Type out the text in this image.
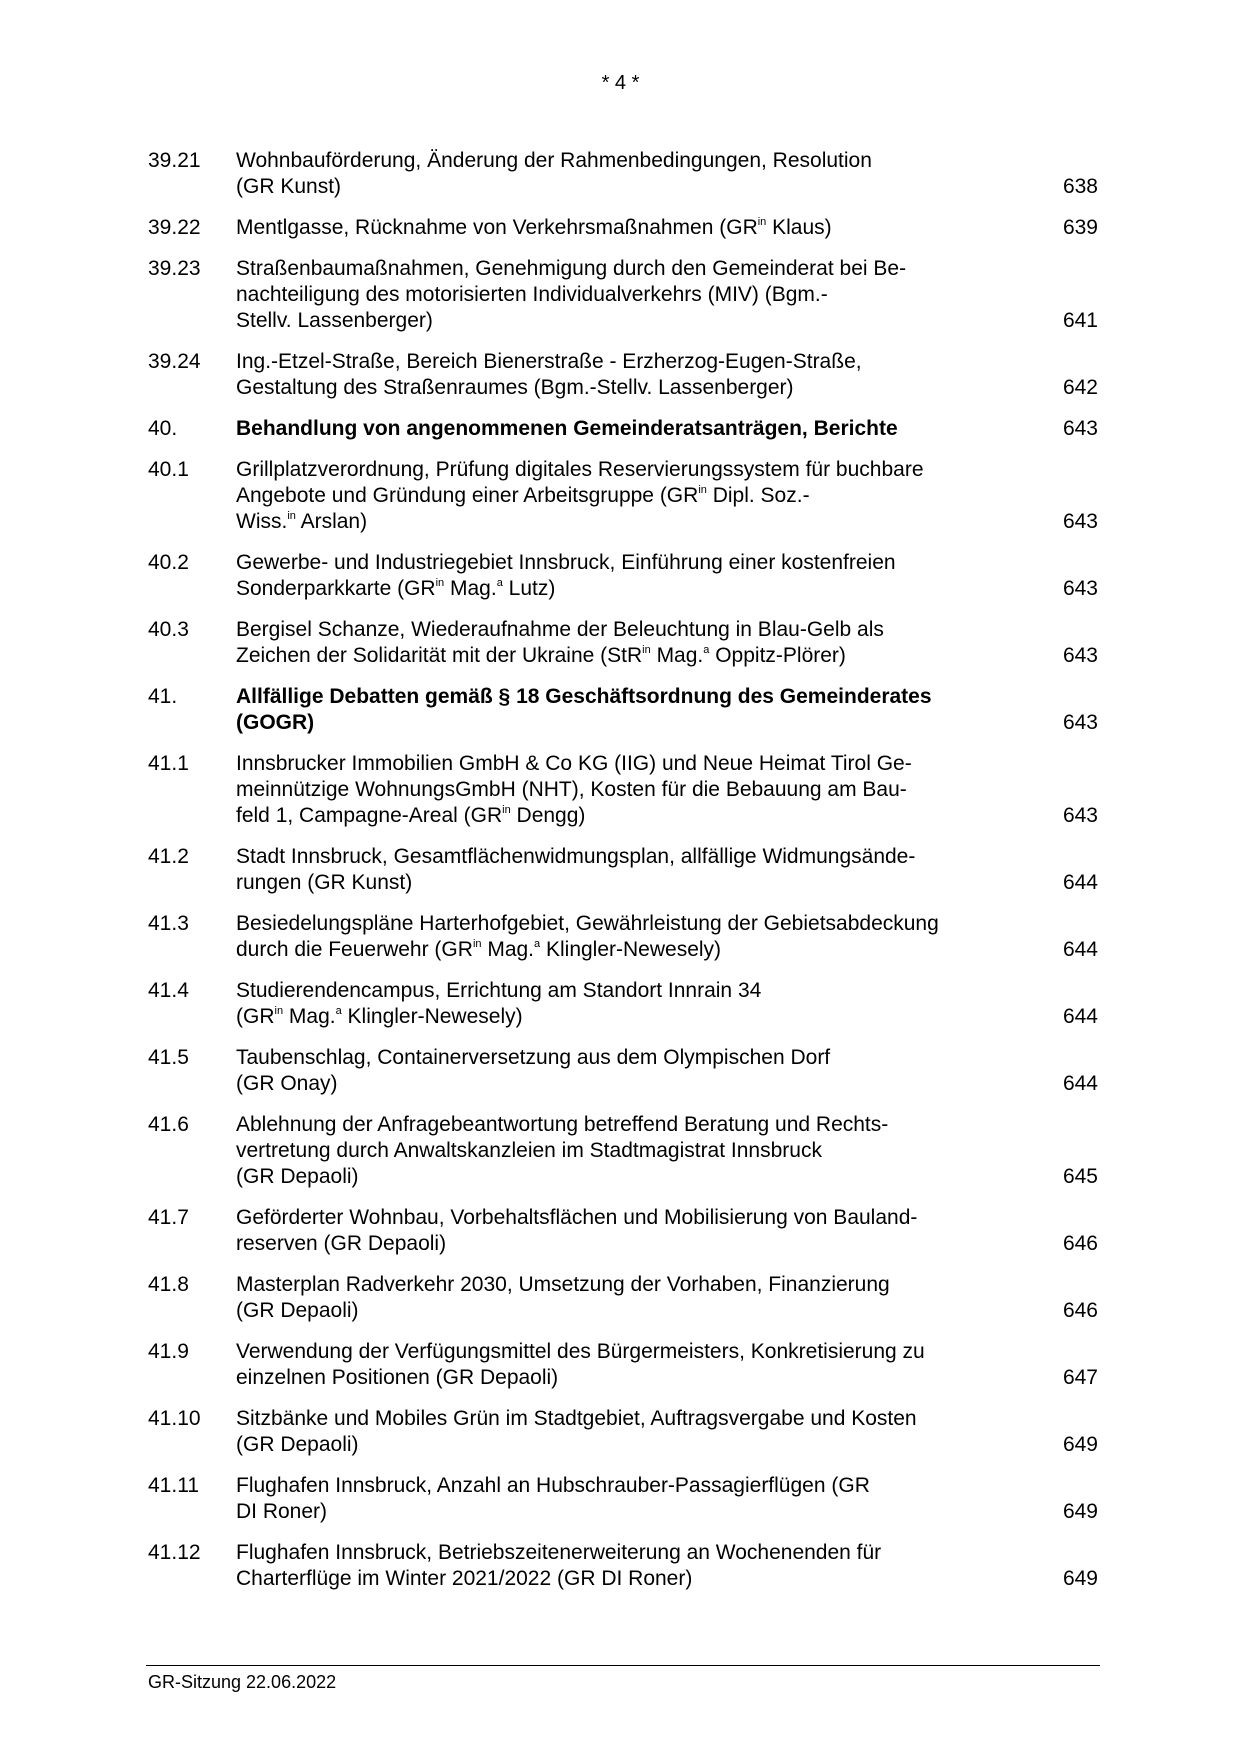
* 4 *
39.21	Wohnbauförderung, Änderung der Rahmenbedingungen, Resolution
(GR Kunst)	638
39.22	Mentlgasse, Rücknahme von Verkehrsmaßnahmen ($GR^{in}$ Klaus)	639
39.23	Straßenbaumaßnahmen, Genehmigung durch den Gemeinderat bei Be-
nachteiligung des motorisierten Individualverkehrs (MIV) (Bgm.-
Stellv. Lassenberger)	641
39.24	Ing.-Etzel-Straße, Bereich Bienerstraße - Erzherzog-Eugen-Straße,
Gestaltung des Straßenraumes (Bgm.-Stellv. Lassenberger)	642
40.	Behandlung von angenommenen Gemeinderatsanträgen, Berichte	643
40.1	Grillplatzverordnung, Prüfung digitales Reservierungssystem für buchbare
Angebote und Gründung einer Arbeitsgruppe ($GR^{in}$ Dipl. Soz.-
Wiss.$^{in}$ Arslan)	643
40.2	Gewerbe- und Industriegebiet Innsbruck, Einführung einer kostenfreien
Sonderparkkarte ($GR^{in}$ Mag.$^a$ Lutz)	643
40.3	Bergisel Schanze, Wiederaufnahme der Beleuchtung in Blau-Gelb als
Zeichen der Solidarität mit der Ukraine (StR$^{in}$ Mag.$^a$ Oppitz-Plörer)	643
41.	Allfällige Debatten gemäß § 18 Geschäftsordnung des Gemeinderates
(GOGR)	643
41.1	Innsbrucker Immobilien GmbH & Co KG (IIG) und Neue Heimat Tirol Ge-
meinnützige WohnungsGmbH (NHT), Kosten für die Bebauung am Bau-
feld 1, Campagne-Areal ($GR^{in}$ Dengg)	643
41.2	Stadt Innsbruck, Gesamtflächenwidmungsplan, allfällige Widmungsände-
rungen (GR Kunst)	644
41.3	Besiedelungspläne Harterhofgebiet, Gewährleistung der Gebietsabdeckung
durch die Feuerwehr ($GR^{in}$ Mag.$^a$ Klingler-Newesely)	644
41.4	Studierendencampus, Errichtung am Standort Innrain 34
($GR^{in}$ Mag.$^a$ Klingler-Newesely)	644
41.5	Taubenschlag, Containerversetzung aus dem Olympischen Dorf
(GR Onay)	644
41.6	Ablehnung der Anfragebeantwortung betreffend Beratung und Rechts-
vertretung durch Anwaltskanzleien im Stadtmagistrat Innsbruck
(GR Depaoli)	645
41.7	Geförderter Wohnbau, Vorbehaltsflächen und Mobilisierung von Bauland-
reserven (GR Depaoli)	646
41.8	Masterplan Radverkehr 2030, Umsetzung der Vorhaben, Finanzierung
(GR Depaoli)	646
41.9	Verwendung der Verfügungsmittel des Bürgermeisters, Konkretisierung zu
einzelnen Positionen (GR Depaoli)	647
41.10	Sitzbänke und Mobiles Grün im Stadtgebiet, Auftragsvergabe und Kosten
(GR Depaoli)	649
41.11	Flughafen Innsbruck, Anzahl an Hubschrauber-Passagierflügen (GR
DI Roner)	649
41.12	Flughafen Innsbruck, Betriebszeitenerweiterung an Wochenenden für
Charterflüge im Winter 2021/2022 (GR DI Roner)	649
GR-Sitzung 22.06.2022
